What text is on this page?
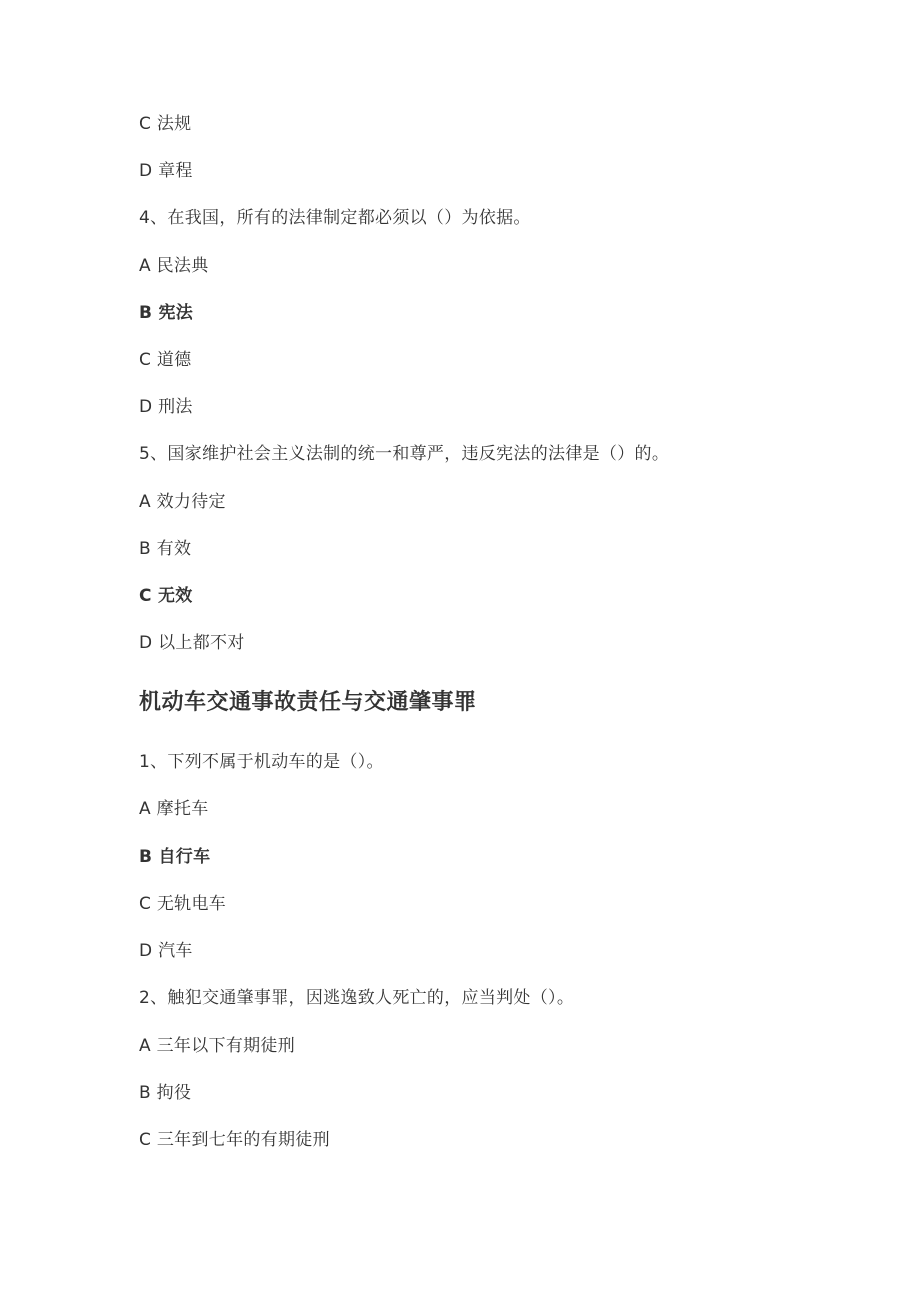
C 法规
D 章程
4、在我国，所有的法律制定都必须以（）为依据。
A 民法典
B 宪法
C 道德
D 刑法
5、国家维护社会主义法制的统一和尊严，违反宪法的法律是（）的。
A 效力待定
B 有效
C 无效
D 以上都不对
机动车交通事故责任与交通肇事罪
1、下列不属于机动车的是（）。
A 摩托车
B 自行车
C 无轨电车
D 汽车
2、触犯交通肇事罪，因逃逸致人死亡的，应当判处（）。
A 三年以下有期徒刑
B 拘役
C 三年到七年的有期徒刑
